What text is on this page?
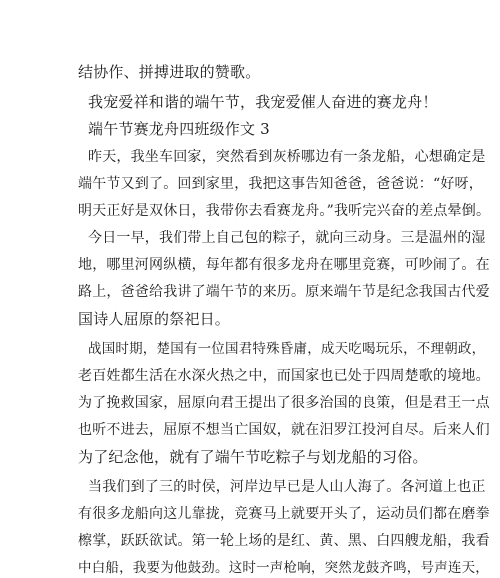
结协作、拼搏进取的赞歌。
我宠爱祥和谐的端午节，我宠爱催人奋进的赛龙舟！
端午节赛龙舟四班级作文 3
昨天，我坐车回家，突然看到灰桥哪边有一条龙船，心想确定是
端午节又到了。回到家里，我把这事告知爸爸，爸爸说：“好呀，
明天正好是双休日，我带你去看赛龙舟。”我听完兴奋的差点晕倒。
今日一早，我们带上自己包的粽子，就向三动身。三是温州的湿
地，哪里河网纵横，每年都有很多龙舟在哪里竞赛，可吵闹了。在
路上，爸爸给我讲了端午节的来历。原来端午节是纪念我国古代爱
国诗人屈原的祭祀日。
战国时期，楚国有一位国君特殊昏庸，成天吃喝玩乐，不理朝政，
老百姓都生活在水深火热之中，而国家也已处于四周楚歌的境地。
为了挽救国家，屈原向君王提出了很多治国的良策，但是君王一点
也听不进去，屈原不想当亡国奴，就在汨罗江投河自尽。后来人们
为了纪念他，就有了端午节吃粽子与划龙船的习俗。
当我们到了三的时侯，河岸边早已是人山人海了。各河道上也正
有很多龙船向这儿靠拢，竞赛马上就要开头了，运动员们都在磨拳
檫掌，跃跃欲试。第一轮上场的是红、黄、黑、白四艘龙船，我看
中白船，我要为他鼓劲。这时一声枪响，突然龙鼓齐鸣，号声连天，
